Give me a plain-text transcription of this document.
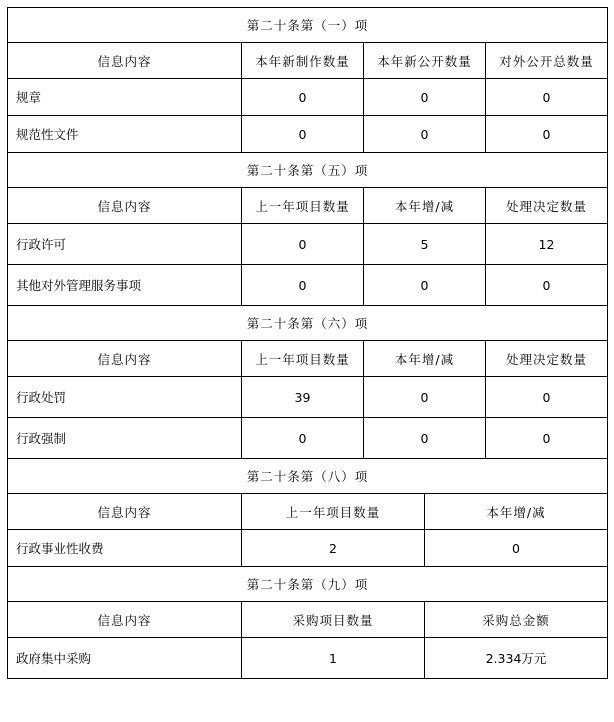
第二十条第（一）项				
信息内容	本年新制作数量	本年新公开数量		对外公开总数量
规章	0	0		0
规范性文件	0	0		0
第二十条第（五）项				
信息内容	上一年项目数量	本年增/减		处理决定数量
行政许可	0	5		12
其他对外管理服务事项	0	0		0
第二十条第（六）项				
信息内容	上一年项目数量	本年增/减		处理决定数量
行政处罚	39	0		0
行政强制	0	0		0
第二十条第（八）项				
信息内容	上一年项目数量		本年增/减	
行政事业性收费	2		0	
第二十条第（九）项				
信息内容	采购项目数量		采购总金额	
政府集中采购	1		2.334万元	
